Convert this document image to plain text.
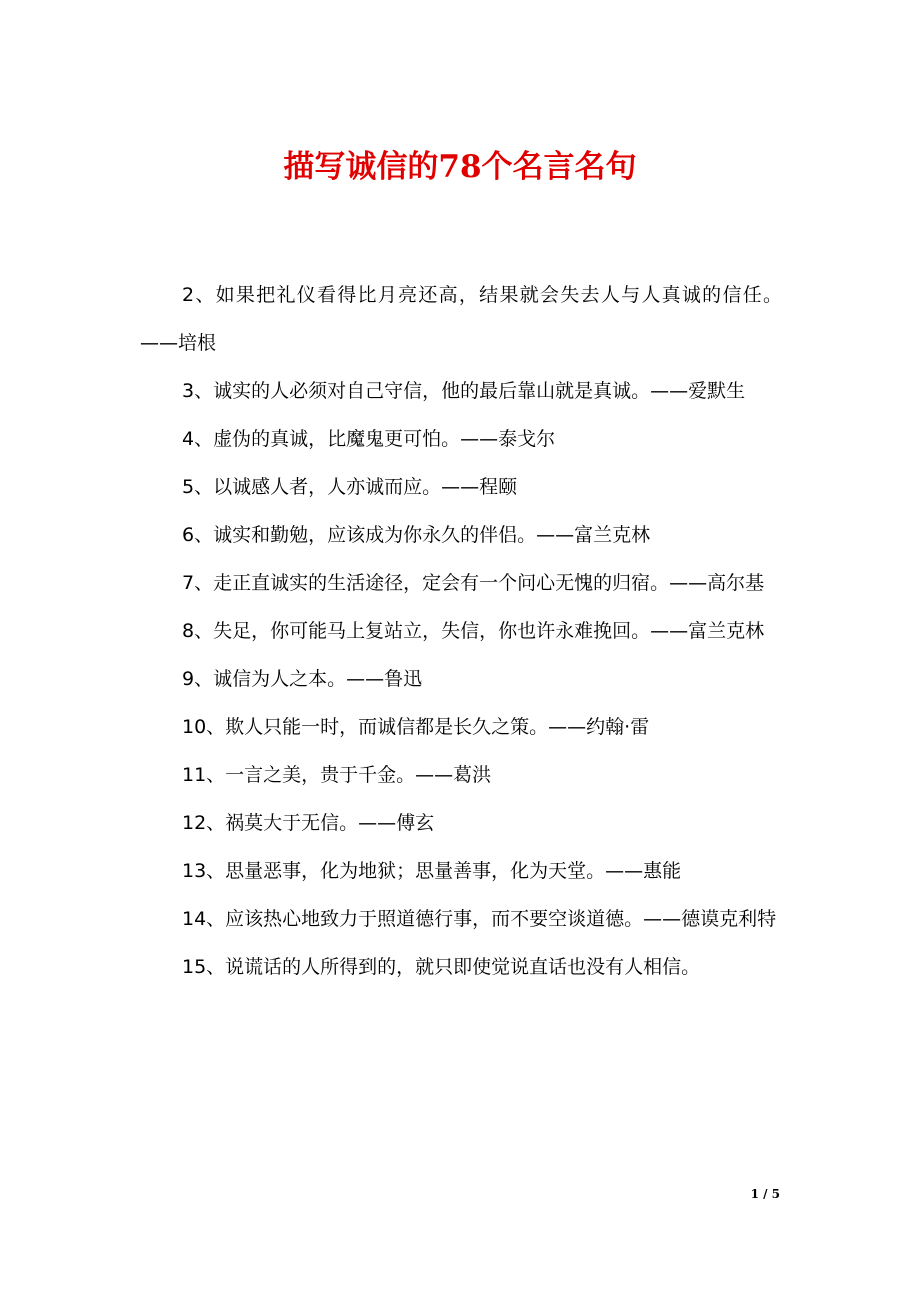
描写诚信的78个名言名句

2、如果把礼仪看得比月亮还高，结果就会失去人与人真诚的信任。——培根

3、诚实的人必须对自己守信，他的最后靠山就是真诚。——爱默生

4、虚伪的真诚，比魔鬼更可怕。——泰戈尔

5、以诚感人者，人亦诚而应。——程颐

6、诚实和勤勉，应该成为你永久的伴侣。——富兰克林

7、走正直诚实的生活途径，定会有一个问心无愧的归宿。——高尔基

8、失足，你可能马上复站立，失信，你也许永难挽回。——富兰克林

9、诚信为人之本。——鲁迅

10、欺人只能一时，而诚信都是长久之策。——约翰·雷

11、一言之美，贵于千金。——葛洪

12、祸莫大于无信。——傅玄

13、思量恶事，化为地狱；思量善事，化为天堂。——惠能

14、应该热心地致力于照道德行事，而不要空谈道德。——德谟克利特

15、说谎话的人所得到的，就只即使觉说直话也没有人相信。

1 / 5
